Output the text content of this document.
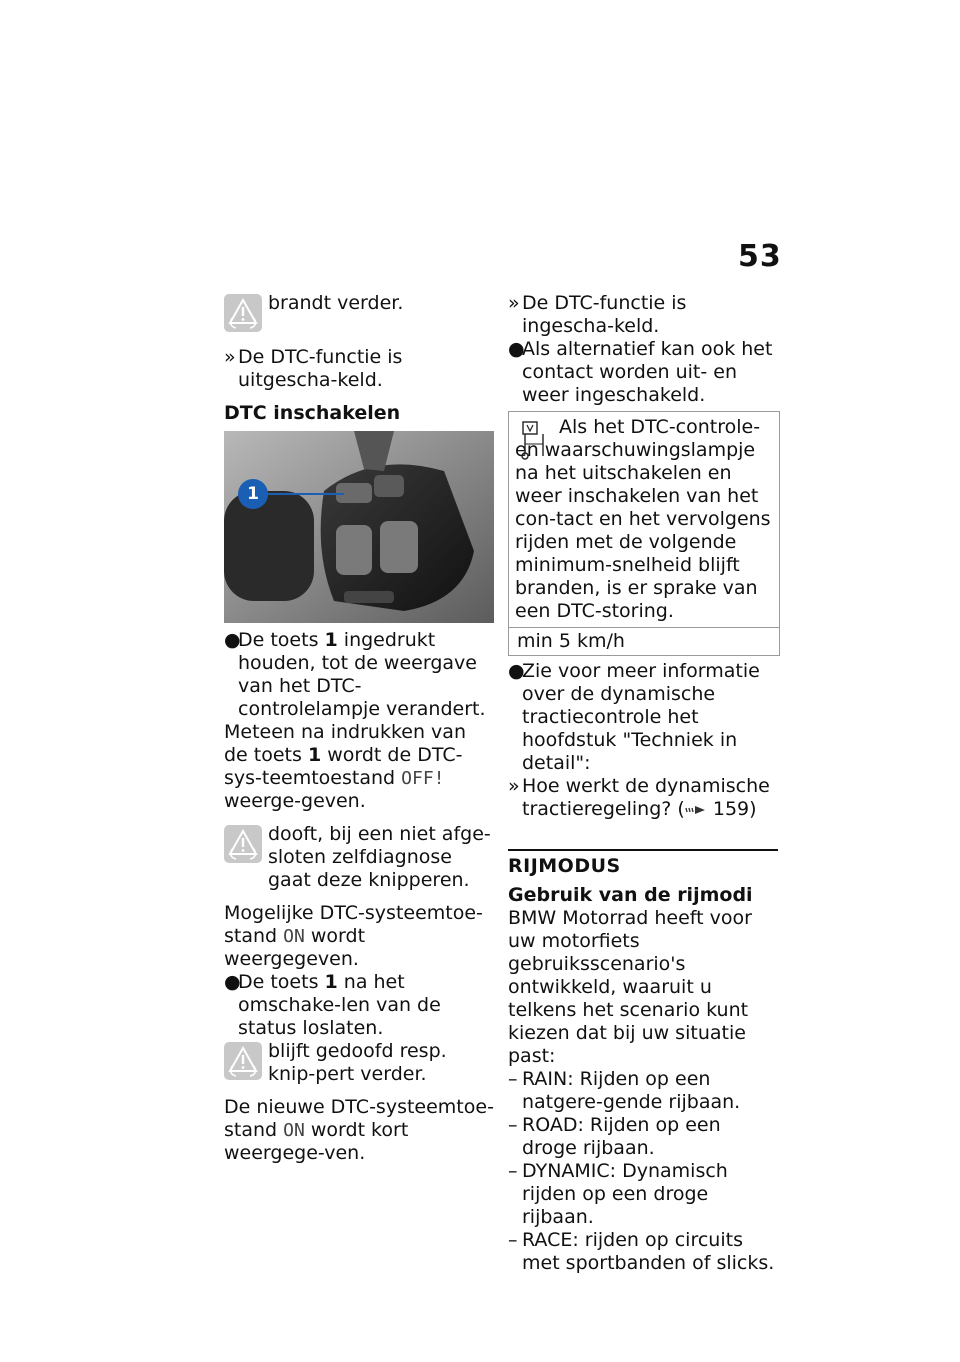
53

brandt verder.

» De DTC-functie is uitgescha-keld.

DTC inschakelen

1
●
De toets 1 ingedrukt houden, tot de weergave van het DTC-controlelampje verandert.

Meteen na indrukken van de toets 1 wordt de DTC-sys-teemtoestand OFF! weerge-geven.

dooft, bij een niet afge-sloten zelfdiagnose gaat deze knipperen.

Mogelijke DTC-systeemtoe-stand ON wordt weergegeven.

●
De toets 1 na het omschake-len van de status loslaten.

blijft gedoofd resp. knip-pert verder.

De nieuwe DTC-systeemtoe-stand ON wordt kort weergege-ven.

» De DTC-functie is ingescha-keld.
●
Als alternatief kan ook het contact worden uit- en weer ingeschakeld.

Als het DTC-controle- en waarschuwingslampje na het uitschakelen en weer inschakelen van het con-tact en het vervolgens rijden met de volgende minimum-snelheid blijft branden, is er sprake van een DTC-storing.

min 5 km/h
●
Zie voor meer informatie over de dynamische tractiecontrole het hoofdstuk "Techniek in detail":
» Hoe werkt de dynamische tractieregeling? ( 159)
RIJMODUS

Gebruik van de rijmodi

BMW Motorrad heeft voor uw motorfiets gebruiksscenario's ontwikkeld, waaruit u telkens het scenario kunt kiezen dat bij uw situatie past:

– RAIN: Rijden op een natgere-gende rijbaan.
– ROAD: Rijden op een droge rijbaan.
– DYNAMIC: Dynamisch rijden op een droge rijbaan.
– RACE: rijden op circuits met sportbanden of slicks.
